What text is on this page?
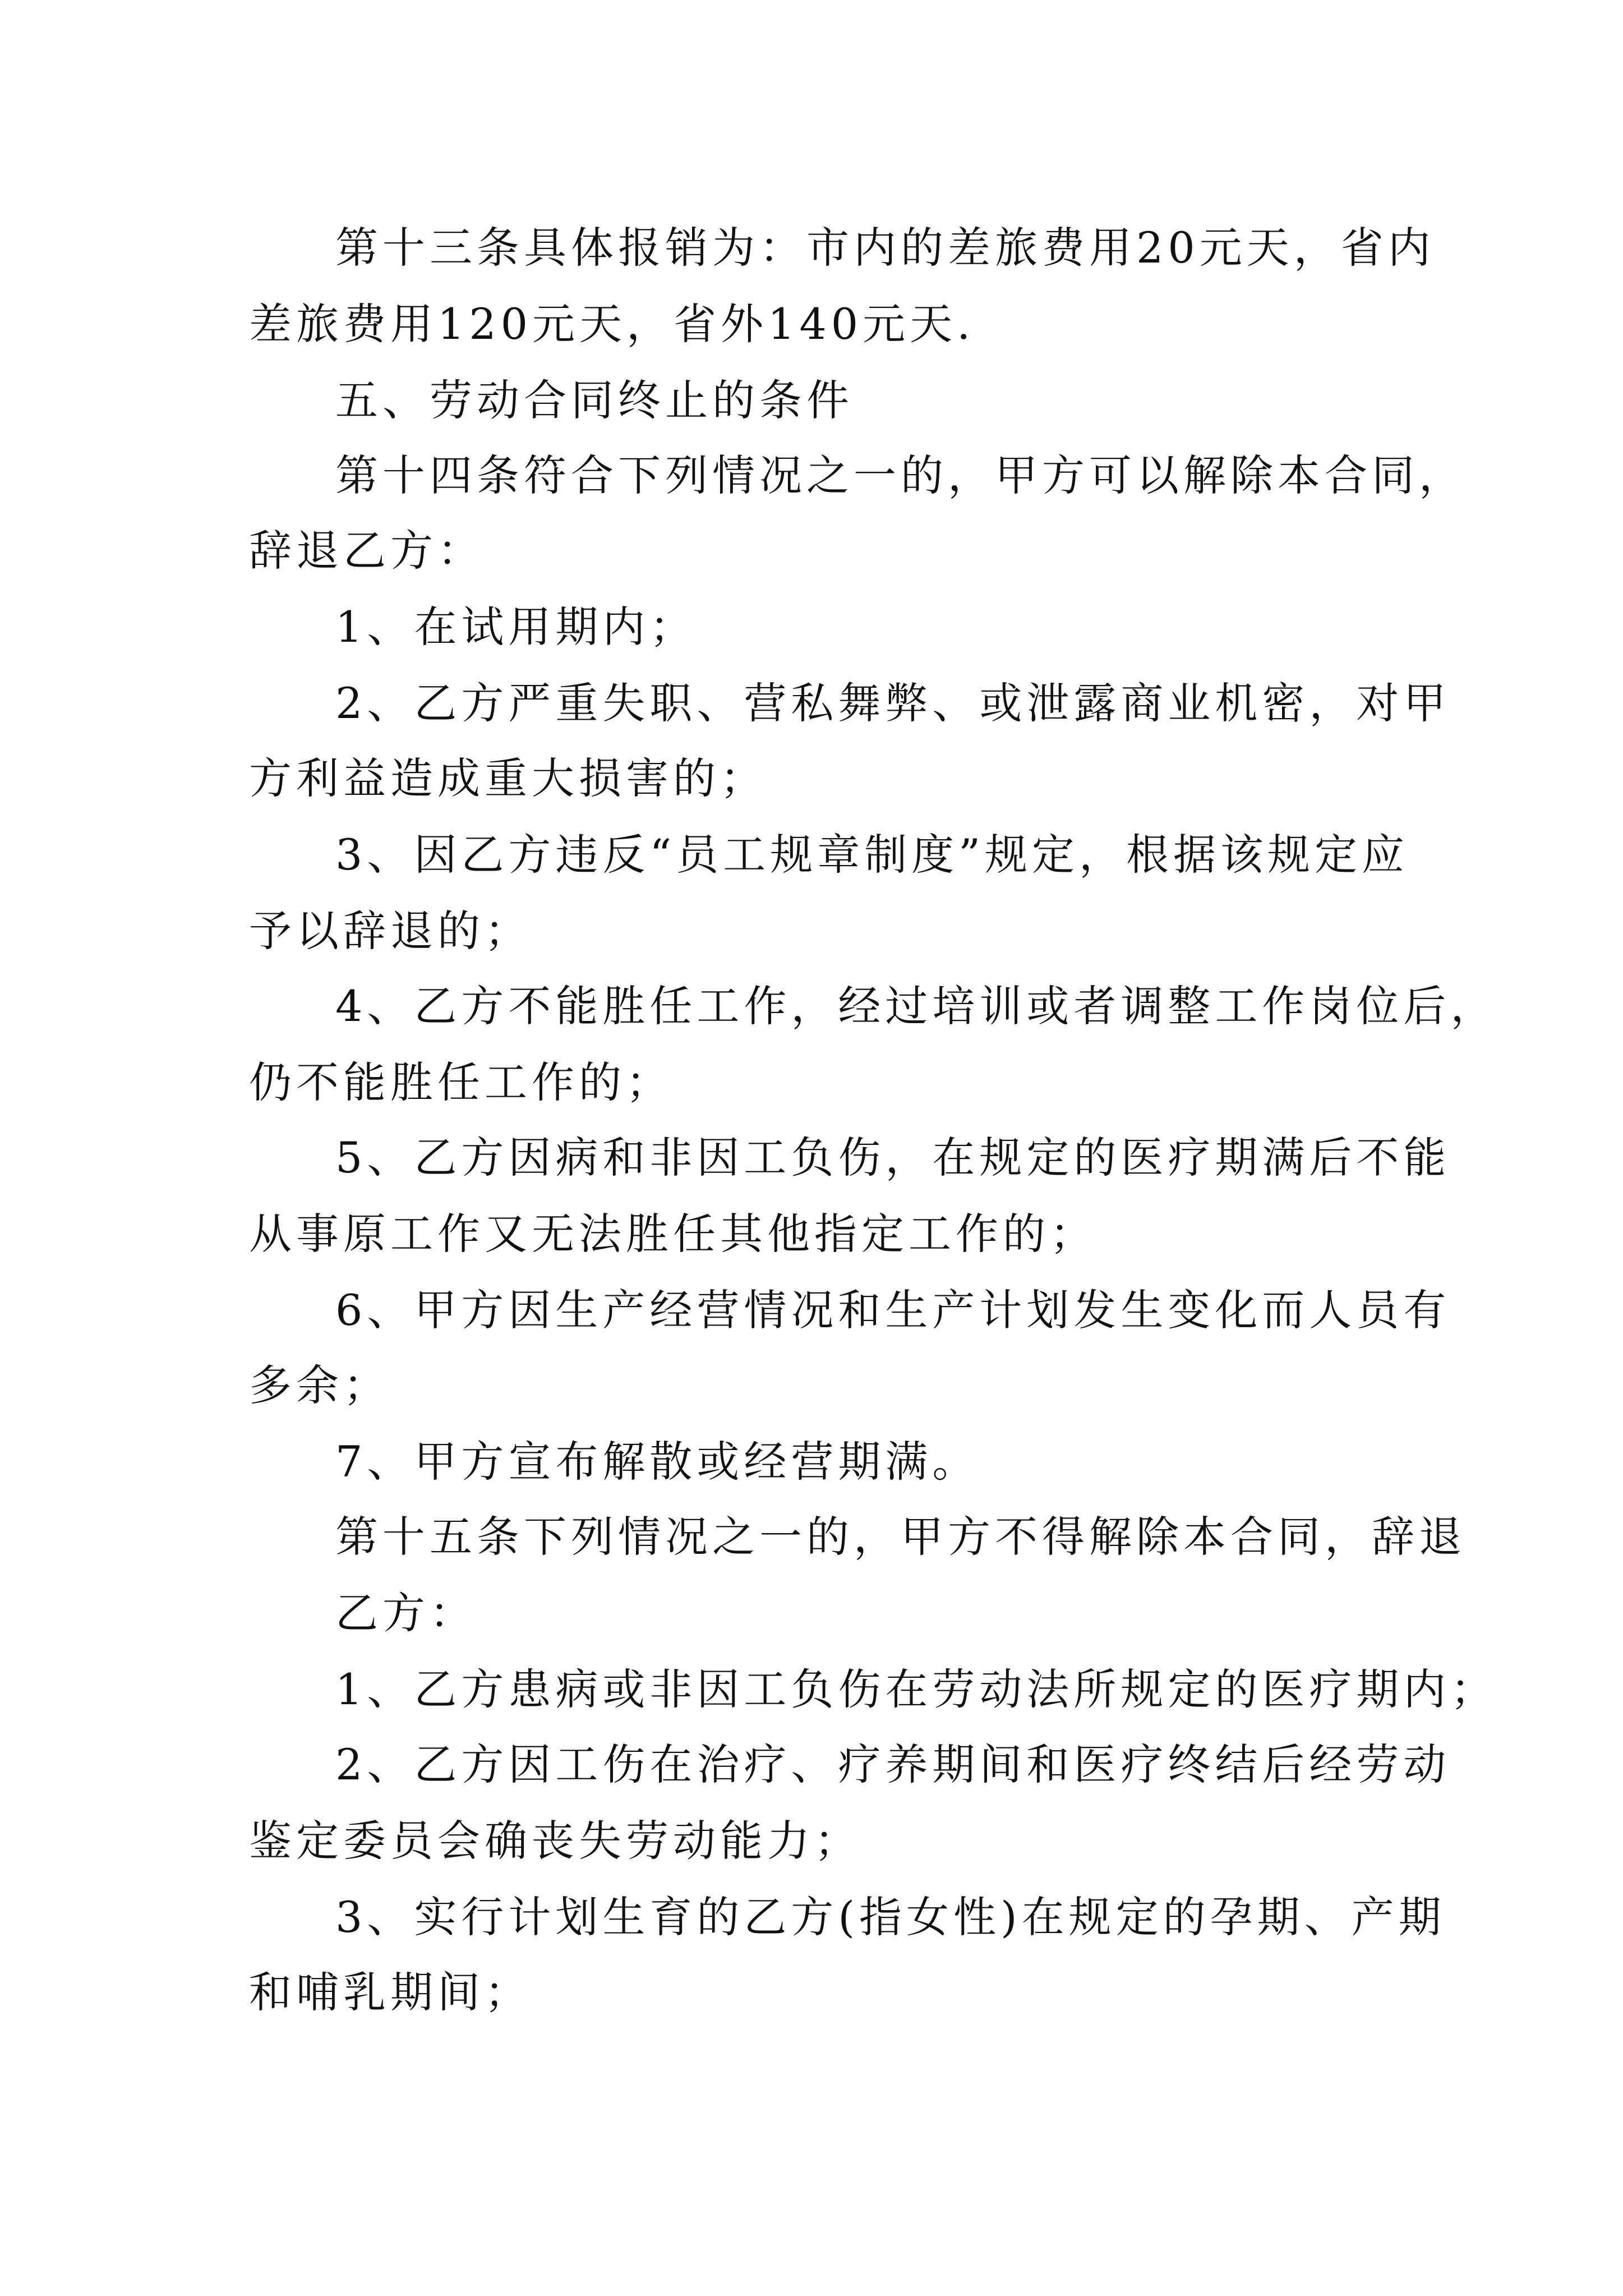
第十三条具体报销为：市内的差旅费用20元天，省内
差旅费用120元天，省外140元天.
五、劳动合同终止的条件
第十四条符合下列情况之一的，甲方可以解除本合同，
辞退乙方：
1、在试用期内；
2、乙方严重失职、营私舞弊、或泄露商业机密，对甲
方利益造成重大损害的；
3、因乙方违反“员工规章制度”规定，根据该规定应
予以辞退的；
4、乙方不能胜任工作，经过培训或者调整工作岗位后，
仍不能胜任工作的；
5、乙方因病和非因工负伤，在规定的医疗期满后不能
从事原工作又无法胜任其他指定工作的；
6、甲方因生产经营情况和生产计划发生变化而人员有
多余；
7、甲方宣布解散或经营期满。
第十五条下列情况之一的，甲方不得解除本合同，辞退
乙方：
1、乙方患病或非因工负伤在劳动法所规定的医疗期内；
2、乙方因工伤在治疗、疗养期间和医疗终结后经劳动
鉴定委员会确丧失劳动能力；
3、实行计划生育的乙方(指女性)在规定的孕期、产期
和哺乳期间；
